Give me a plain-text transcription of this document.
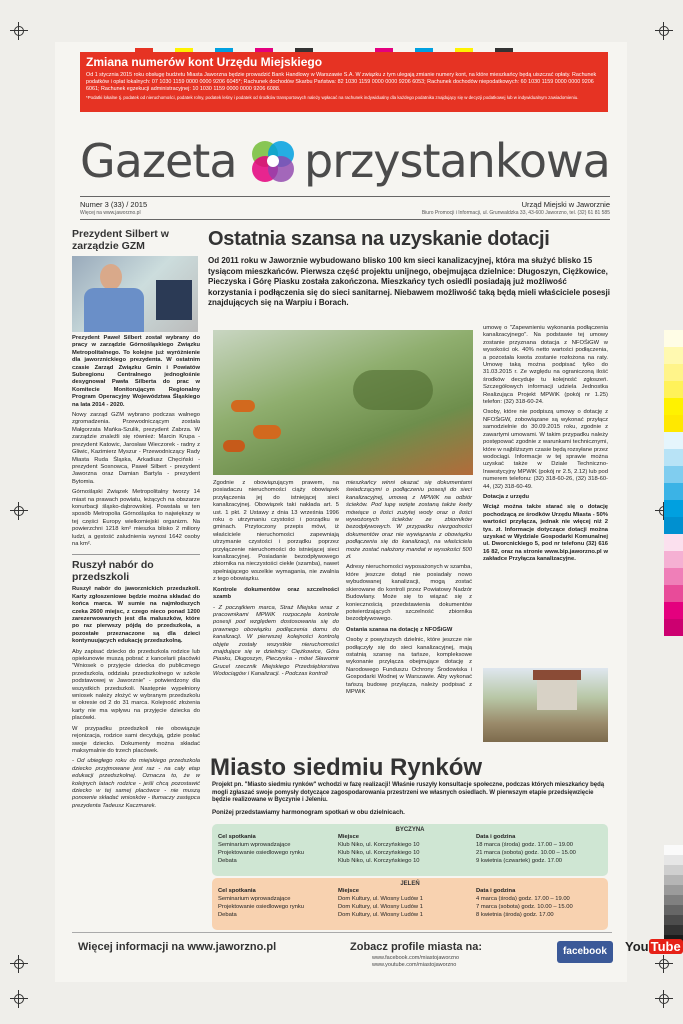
Zmiana numerów kont Urzędu Miejskiego

Od 1 stycznia 2015 roku obsługę budżetu Miasta Jaworzna będzie prowadzić Bank Handlowy w Warszawie S.A. W związku z tym ulegają zmianie numery kont, na które mieszkańcy będą uiszczać opłaty. Rachunek podatków i opłat lokalnych: 07 1030 1159 0000 0000 9206 6045*; Rachunek dochodów Skarbu Państwa: 82 1030 1159 0000 0000 9206 6053; Rachunek dochodów niepodatkowych: 60 1030 1159 0000 0000 9206 6061; Rachunek egzekucji administracyjnej: 10 1030 1159 0000 0000 9206 6088.

*Podatki lokalne tj. podatek od nieruchomości, podatek rolny, podatek leśny i podatek od środków transportowych należy wpłacać na rachunek indywidualny dla każdego podatnika znajdujący się w decyzji podatkowej lub w indywidualnym zawiadomieniu.

Gazeta przystankowa
Numer 3 (33) / 2015
Więcej na www.jaworzno.pl
Urząd Miejski w Jaworznie
Biuro Promocji i Informacji, ul. Grunwaldzka 33, 43-600 Jaworzno, tel. (32) 61 81 585
Prezydent Silbert w zarządzie GZM

Prezydent Paweł Silbert został wybrany do pracy w zarządzie Górnośląskiego Związku Metropolitalnego. To kolejne już wyróżnienie dla jaworznickiego prezydenta. W ostatnim czasie Zarząd Związku Gmin i Powiatów Subregionu Centralnego jednogłośnie desygnował Pawła Silberta do prac w Komitecie Monitorującym Regionalny Program Operacyjny Województwa Śląskiego na lata 2014 - 2020.

Nowy zarząd GZM wybrano podczas walnego zgromadzenia. Przewodniczącym została Małgorzata Mańka-Szulik, prezydent Zabrza. W zarządzie znaleźli się również: Marcin Krupa - prezydent Katowic, Jarosław Wieczorek - radny z Gliwic, Kazimierz Myszur - Przewodniczący Rady Miasta Ruda Śląska, Arkadiusz Chęciński - prezydent Sosnowca, Paweł Silbert - prezydent Jaworzna oraz Damian Bartyla - prezydent Bytomia.

Górnośląski Związek Metropolitalny tworzy 14 miast na prawach powiatu, leżących na obszarze konurbacji śląsko-dąbrowskiej. Powstała w ten sposób Metropolia Górnośląska to największy w tej części Europy wielkomiejski organizm. Na powierzchni 1218 km² mieszka blisko 2 miliony ludzi, a gęstość zaludnienia wynosi 1642 osoby na km².

Ruszył nabór do przedszkoli

Ruszył nabór do jaworznickich przedszkoli. Karty zgłoszeniowe będzie można składać do końca marca. W sumie na najmłodszych czeka 2600 miejsc, z czego nieco ponad 1200 zarezerwowanych jest dla maluszków, które po raz pierwszy pójdą do przedszkola, a pozostałe przeznaczone są dla dzieci kontynuujących edukację przedszkolną.

Aby zapisać dziecko do przedszkola rodzice lub opiekunowie muszą pobrać z kancelarii placówki "Wniosek o przyjęcie dziecka do publicznego przedszkola, oddziału przedszkolnego w szkole podstawowej w Jaworznie" - potwierdzony dla wszystkich przedszkoli. Następnie wypełniony wniosek należy złożyć w wybranym przedszkolu w okresie od 2 do 31 marca. Kolejność złożenia karty nie ma wpływu na przyjęcie dziecka do placówki.

W przypadku przedszkoli nie obowiązuje rejonizacja, rodzice sami decydują, gdzie posłać swoje dziecko. Dokumenty można składać maksymalnie do trzech placówek.

- Od ubiegłego roku do miejskiego przedszkola dziecko przyjmowane jest raz - na cały etap edukacji przedszkolnej. Oznacza to, że w kolejnych latach rodzice - jeśli chcą pozostawić dziecko w tej samej placówce - nie muszą ponownie składać wniosków - tłumaczy zastępca prezydenta Tadeusz Kaczmarek.

Ostatnia szansa na uzyskanie dotacji
Od 2011 roku w Jaworznie wybudowano blisko 100 km sieci kanalizacyjnej, która ma służyć blisko 15 tysiącom mieszkańców. Pierwsza część projektu unijnego, obejmująca dzielnice: Długoszyn, Ciężkowice, Pieczyska i Górę Piasku została zakończona. Mieszkańcy tych osiedli posiadają już możliwość korzystania i podłączenia się do sieci sanitarnej. Niebawem możliwość taką będą mieli właściciele posesji znajdujących się na Warpiu i Borach.

Zgodnie z obowiązującym prawem, na posiadaczu nieruchomości ciąży obowiązek przyłączenia jej do istniejącej sieci kanalizacyjnej. Obowiązek taki nakłada art. 5 ust. 1 pkt. 2 Ustawy z dnia 13 września 1996 roku o utrzymaniu czystości i porządku w gminach. Przytoczony przepis mówi, iż właściciele nieruchomości zapewniają utrzymanie czystości i porządku poprzez przyłączenie nieruchomości do istniejącej sieci kanalizacyjnej. Posiadanie bezodpływowego zbiornika na nieczystości ciekłe (szamba), nawet spełniającego wszelkie wymagania, nie zwalnia z tego obowiązku.

Kontrole dokumentów oraz szczelności szamb

- Z początkiem marca, Straż Miejska wraz z pracownikami MPWiK rozpoczęła kontrole posesji pod względem dostosowania się do prawnego obowiązku podłączenia domu do kanalizacji. W pierwszej kolejności kontrolą objęte zostały wszystkie nieruchomości znajdujące się w dzielnicy: Ciężkowice, Góra Piasku, Długoszyn, Pieczyska - mówi Sławomir Grucel rzecznik Miejskiego Przedsiębiorstwa Wodociągów i Kanalizacji. - Podczas kontroli

mieszkańcy winni okazać się dokumentami świadczącymi o podłączeniu posesji do sieci kanalizacyjnej, umową z MPWiK na odbiór ścieków. Pod lupę wzięte zostaną także kwity mówiące o ilości zużytej wody oraz o ilości wywożonych ścieków ze zbiorników bezodpływowych. W przypadku niezgodności dokumentów oraz nie wywiązania z obowiązku podłączenia się do kanalizacji, na właściciela może zostać nałożony mandat w wysokości 500 zł.

Adresy nieruchomości wyposażonych w szamba, które jeszcze dotąd nie posiadały nowo wybudowanej kanalizacji, mogą zostać skierowane do kontroli przez Powiatowy Nadzór Budowlany. Może się to wiązać się z koniecznością przedstawienia dokumentów potwierdzających szczelność zbiornika bezodpływowego.

Ostania szansa na dotację z NFOŚiGW

Osoby z powyższych dzielnic, które jeszcze nie podłączyły się do sieci kanalizacyjnej, mają ostatnią szansę na tańsze, kompleksowe wykonanie przyłącza obejmujące dotację z Narodowego Funduszu Ochrony Środowiska i Gospodarki Wodnej w Warszawie. Aby wykonać tańszą budowę przyłącza, należy podpisać z MPWiK

umowę o "Zapewnieniu wykonania podłączenia kanalizacyjnego". Na podstawie tej umowy zostanie przyznana dotacja z NFOŚiGW w wysokości ok. 40% netto wartości podłączenia, a pozostała kwota zostanie rozłożona na raty. Umowę taką można podpisać tylko do 31.03.2015 r. Ze względu na ograniczoną ilość środków decyduje tu kolejność zgłoszeń. Szczegółowych informacji udziela Jednostka Realizująca Projekt MPWiK (pokój nr 1.25) telefon: (32) 318-60-24.

Osoby, które nie podpiszą umowy o dotację z NFOŚiGW, zobowiązane są wykonać przyłącz samodzielnie do 30.09.2015 roku, zgodnie z zawartymi umowami. W takim przypadku należy postępować zgodnie z warunkami technicznymi, które w najbliższym czasie będą rozsyłane przez wodociągi. Informacje w tej sprawie można uzyskać także w Dziale Techniczno-Inwestycyjny MPWiK (pokój nr 2.5, 2.12) lub pod numerem telefonu: (32) 318-60-26, (32) 318-60-44, (32) 318-60-49.

Dotacja z urzędu

Wciąż można także starać się o dotację pochodzącą ze środków Urzędu Miasta - 50% wartości przyłącza, jednak nie więcej niż 2 tys. zł. Informacje dotyczące dotacji można uzyskać w Wydziale Gospodarki Komunalnej ul. Dworcnickiego 5, pod nr telefonu (32) 616 16 82, oraz na stronie www.bip.jaworzno.pl w zakładce Przyłącza kanalizacyjne.

Miasto siedmiu Rynków
Projekt pn. "Miasto siedmiu rynków" wchodzi w fazę realizacji! Właśnie ruszyły konsultacje społeczne, podczas których mieszkańcy będą mogli zgłaszać swoje pomysły dotyczące zagospodarowania przestrzeni we własnych osiedlach. W pierwszym etapie przedsięwzięcie będzie realizowane w Byczynie i Jeleniu.
Poniżej przedstawiamy harmonogram spotkań w obu dzielnicach.
BYCZYNA
Cel spotkania	Miejsce	Data i godzina
Seminarium wprowadzające	Klub Niko, ul. Korczyńskiego 10	18 marca (środa) godz. 17.00 – 19.00
Projektowanie osiedlowego rynku	Klub Niko, ul. Korczyńskiego 10	21 marca (sobota) godz. 10.00 – 15.00
Debata	Klub Niko, ul. Korczyńskiego 10	9 kwietnia (czwartek) godz. 17.00
JELEŃ
Cel spotkania	Miejsce	Data i godzina
Seminarium wprowadzające	Dom Kultury, ul. Wiosny Ludów 1	4 marca (środa) godz. 17.00 – 19.00
Projektowanie osiedlowego rynku	Dom Kultury, ul. Wiosny Ludów 1	7 marca (sobota) godz. 10.00 – 15.00
Debata	Dom Kultury, ul. Wiosny Ludów 1	8 kwietnia (środa) godz. 17.00
Więcej informacji na www.jaworzno.pl	Zobacz profile miasta na:
www.facebook.com/miastojaworzno
www.youtube.com/miastojaworzno
facebook	You Tube
